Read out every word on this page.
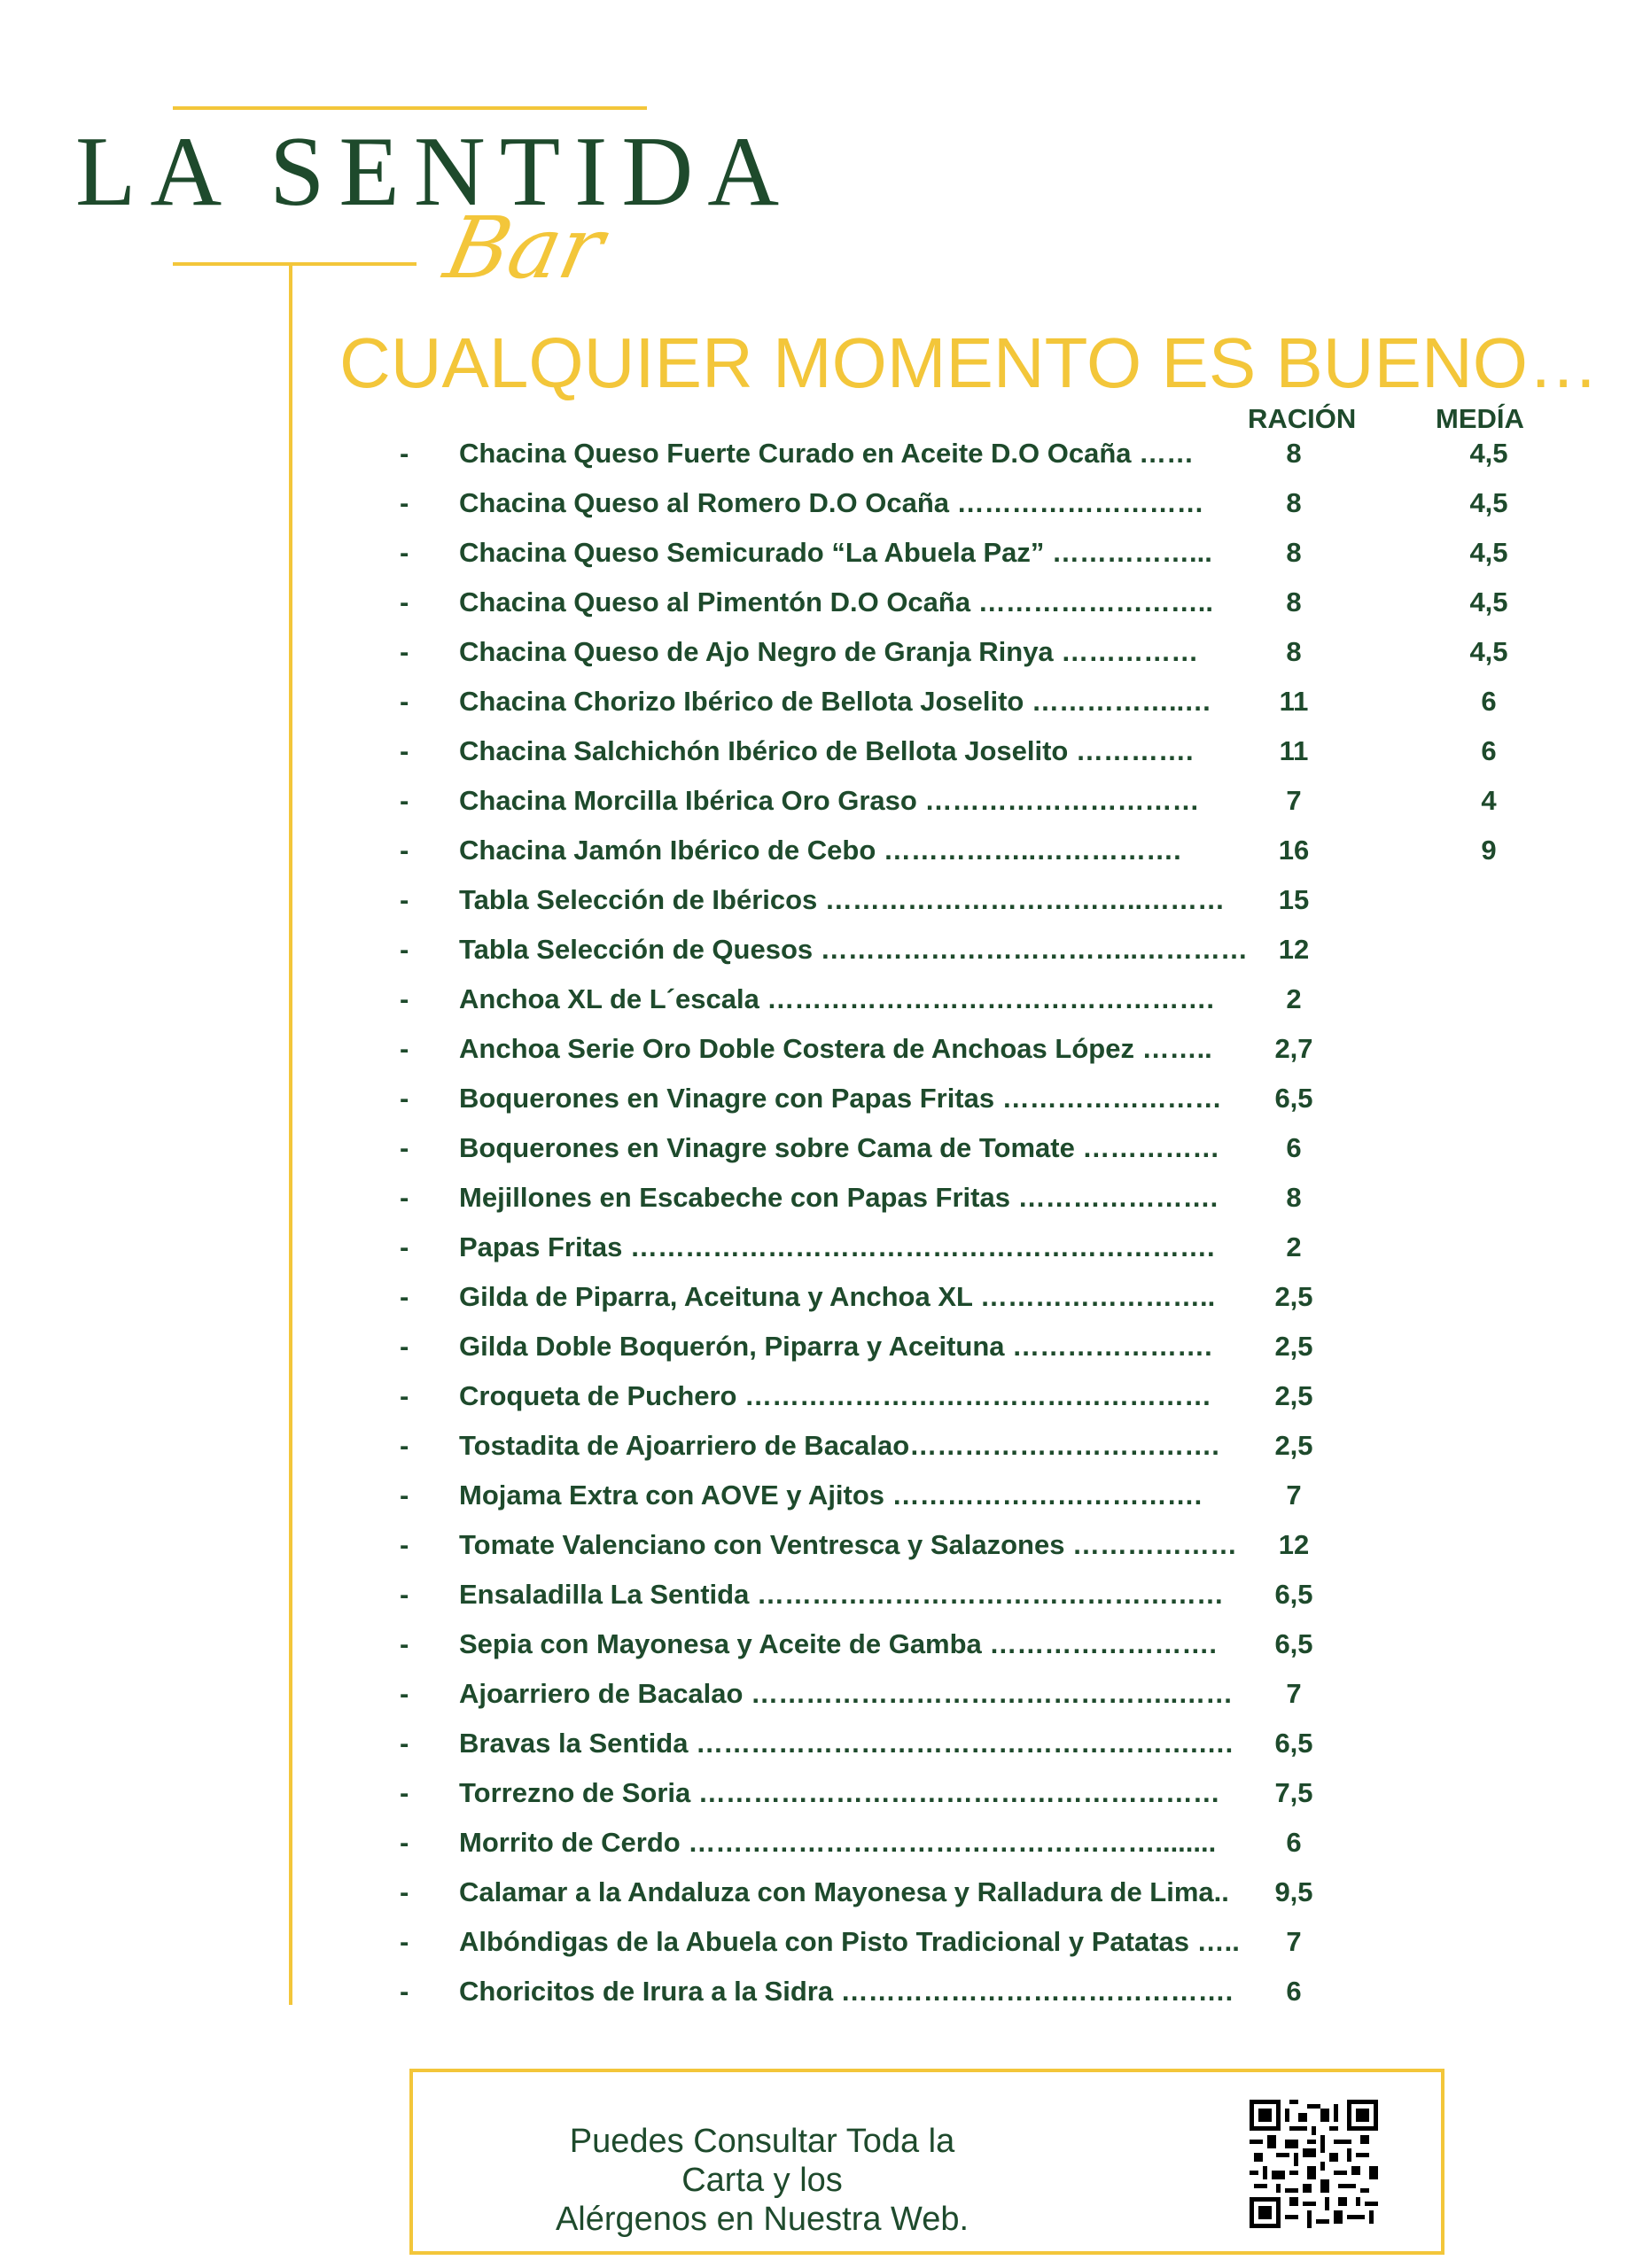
LA SENTIDA
Bar
CUALQUIER MOMENTO ES BUENO…
RACIÓN	MEDÍA
- Chacina Queso Fuerte Curado en Aceite D.O Ocaña ……	8	4,5
- Chacina Queso al Romero D.O Ocaña ………………………	8	4,5
- Chacina Queso Semicurado “La Abuela Paz” ……………...	8	4,5
- Chacina Queso al Pimentón D.O Ocaña ……………………..	8	4,5
- Chacina Queso de Ajo Negro de Granja Rinya ……………	8	4,5
- Chacina Chorizo Ibérico de Bellota Joselito ……………..…	11	6
- Chacina Salchichón Ibérico de Bellota Joselito ………….	11	6
- Chacina Morcilla Ibérica Oro Graso …………………………	7	4
- Chacina Jamón Ibérico de Cebo ……………..…………….	16	9
- Tabla Selección de Ibéricos ……………………………..………	15
- Tabla Selección de Quesos ……………………………..…………	12
- Anchoa XL de L´escala ………………………………………….	2
- Anchoa Serie Oro Doble Costera de Anchoas López ……..	2,7
- Boquerones en Vinagre con Papas Fritas ……………………	6,5
- Boquerones en Vinagre sobre Cama de Tomate ……………	6
- Mejillones en Escabeche con Papas Fritas ………………….	8
- Papas Fritas ……………………………………………………….	2
- Gilda de Piparra, Aceituna y Anchoa XL ……………………..	2,5
- Gilda Doble Boquerón, Piparra y Aceituna ………………….	2,5
- Croqueta de Puchero ……………………………………………	2,5
- Tostadita de Ajoarriero de Bacalao…………………………….	2,5
- Mojama Extra con AOVE y Ajitos …………………………….	7
- Tomate Valenciano con Ventresca y Salazones ………………	12
- Ensaladilla La Sentida ……………………………………………	6,5
- Sepia con Mayonesa y Aceite de Gamba …………………….	6,5
- Ajoarriero de Bacalao ………………………………………..……	7
- Bravas la Sentida ……………………………………………….….	6,5
- Torrezno de Soria …………………………………………………	7,5
- Morrito de Cerdo ……………………………………………........	6
- Calamar a la Andaluza con Mayonesa y Ralladura de Lima..	9,5
- Albóndigas de la Abuela con Pisto Tradicional y Patatas …..	7
- Choricitos de Irura a la Sidra …………………………………….	6
Puedes Consultar Toda la Carta y los
Alérgenos en Nuestra Web.
